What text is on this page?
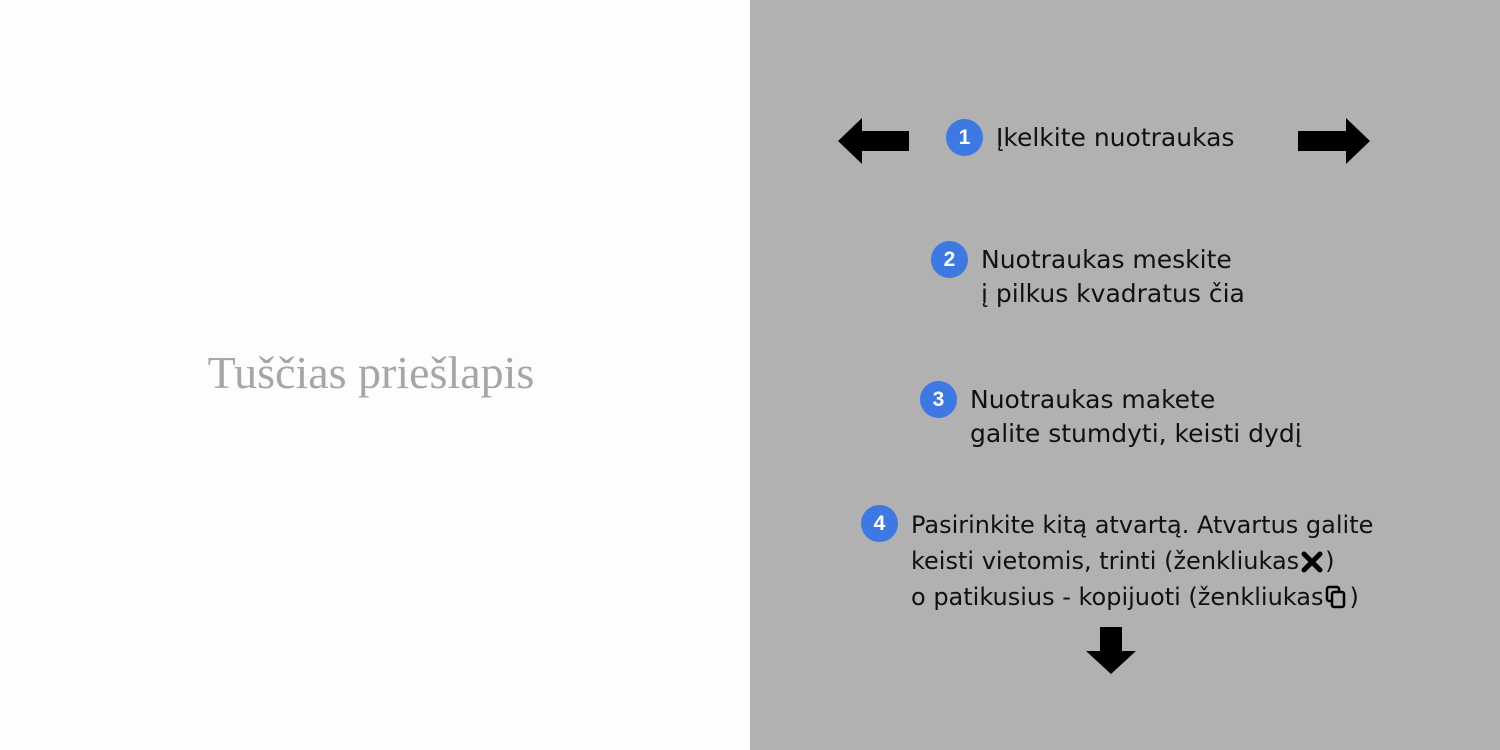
Tuščias priešlapis
1	Įkelkite nuotraukas
2	Nuotraukas meskite
į pilkus kvadratus čia
3	Nuotraukas makete
galite stumdyti, keisti dydį
4	Pasirinkite kitą atvartą. Atvartus galite
keisti vietomis, trinti (ženkliukas )
o patikusius - kopijuoti (ženkliukas )
